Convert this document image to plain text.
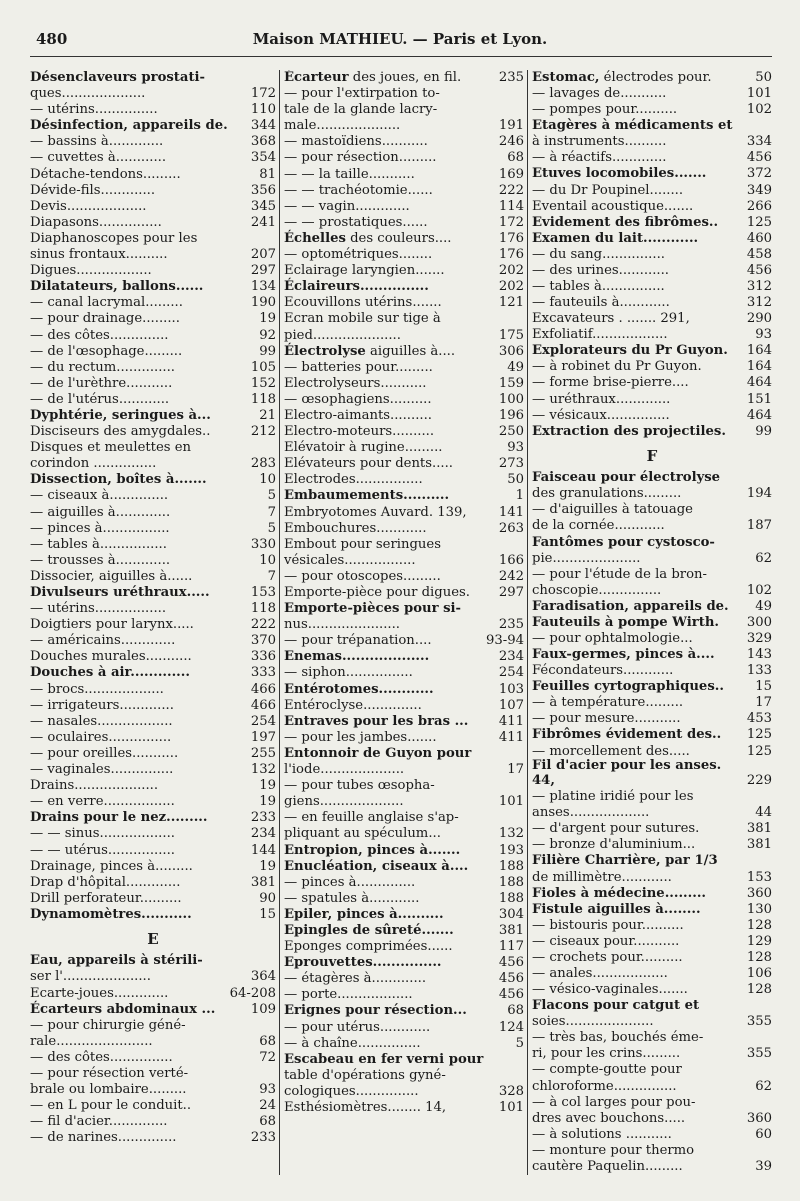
480	Maison MATHIEU. — Paris et Lyon.
Désenclaveurs prostati-
ques....................	172
— utérins...............	110
Désinfection, appareils de.	344
— bassins à.............	368
— cuvettes à............	354
Détache-tendons.........	81
Dévide-fils.............	356
Devis...................	345
Diapasons...............	241
Diaphanoscopes pour les
sinus frontaux..........	207
Digues..................	297
Dilatateurs, ballons......	134
— canal lacrymal.........	190
— pour drainage.........	19
— des côtes..............	92
— de l'œsophage.........	99
— du rectum..............	105
— de l'urèthre...........	152
— de l'utérus............	118
Dyphtérie, seringues à...	21
Disciseurs des amygdales..	212
Disques et meulettes en
corindon ...............	283
Dissection, boîtes à.......	10
— ciseaux à..............	5
— aiguilles à.............	7
— pinces à................	5
— tables à................	330
— trousses à.............	10
Dissocier, aiguilles à......	7
Divulseurs uréthraux.....	153
— utérins.................	118
Doigtiers pour larynx.....	222
— américains.............	370
Douches murales...........	336
Douches à air.............	333
— brocs...................	466
— irrigateurs.............	466
— nasales..................	254
— oculaires...............	197
— pour oreilles...........	255
— vaginales...............	132
Drains....................	19
— en verre.................	19
Drains pour le nez.........	233
— — sinus..................	234
— — utérus................	144
Drainage, pinces à.........	19
Drap d'hôpital.............	381
Drill perforateur..........	90
Dynamomètres...........	15
E
Eau, appareils à stérili-
ser l'.....................	364
Ecarte-joues.............	64-208
Écarteurs abdominaux ...	109
— pour chirurgie géné-
rale.......................	68
— des côtes...............	72
— pour résection verté-
brale ou lombaire.........	93
— en L pour le conduit..	24
— fil d'acier..............	68
— de narines..............	233
Écarteur des joues, en fil.	235
— pour l'extirpation to-
tale de la glande lacry-
male....................	191
— mastoïdiens...........	246
— pour résection.........	68
— — la taille...........	169
— — trachéotomie......	222
— — vagin.............	114
— — prostatiques......	172
Échelles des couleurs....	176
— optométriques........	176
Eclairage laryngien.......	202
Éclaireurs...............	202
Ecouvillons utérins.......	121
Ecran mobile sur tige à
pied.....................	175
Électrolyse aiguilles à....	306
— batteries pour.........	49
Electrolyseurs...........	159
— œsophagiens..........	100
Electro-aimants..........	196
Electro-moteurs..........	250
Elévatoir à rugine.........	93
Elévateurs pour dents.....	273
Electrodes................	50
Embaumements..........	1
Embryotomes Auvard. 139,	141
Embouchures............	263
Embout pour seringues
vésicales.................	166
— pour otoscopes.........	242
Emporte-pièce pour digues.	297
Emporte-pièces pour si-
nus......................	235
— pour trépanation....	93-94
Enemas...................	234
— siphon................	254
Entérotomes............	103
Entéroclyse..............	107
Entraves pour les bras ...	411
— pour les jambes.......	411
Entonnoir de Guyon pour
l'iode....................	17
— pour tubes œsopha-
giens....................	101
— en feuille anglaise s'ap-
pliquant au spéculum...	132
Entropion, pinces à.......	193
Enucléation, ciseaux à....	188
— pinces à..............	188
— spatules à............	188
Epiler, pinces à..........	304
Epingles de sûreté.......	381
Eponges comprimées......	117
Eprouvettes...............	456
— étagères à.............	456
— porte..................	456
Erignes pour résection...	68
— pour utérus............	124
— à chaîne...............	5
Escabeau en fer verni pour
table d'opérations gyné-
cologiques...............	328
Esthésiomètres........ 14,	101
Estomac, électrodes pour.	50
— lavages de...........	101
— pompes pour..........	102
Etagères à médicaments et
à instruments..........	334
— à réactifs.............	456
Etuves locomobiles.......	372
— du Dr Poupinel........	349
Eventail acoustique.......	266
Evidement des fibrômes..	125
Examen du lait............	460
— du sang...............	458
— des urines............	456
— tables à...............	312
— fauteuils à............	312
Excavateurs . ....... 291,	290
Exfoliatif..................	93
Explorateurs du Pr Guyon.	164
— à robinet du Pr Guyon.	164
— forme brise-pierre....	464
— uréthraux.............	151
— vésicaux...............	464
Extraction des projectiles.	99
F
Faisceau pour électrolyse
des granulations.........	194
— d'aiguilles à tatouage
de la cornée............	187
Fantômes pour cystosco-
pie.....................	62
— pour l'étude de la bron-
choscopie...............	102
Faradisation, appareils de.	49
Fauteuils à pompe Wirth.	300
— pour ophtalmologie...	329
Faux-germes, pinces à....	143
Fécondateurs............	133
Feuilles cyrtographiques..	15
— à température.........	17
— pour mesure...........	453
Fibrômes évidement des..	125
— morcellement des.....	125
Fil d'acier pour les anses. 44,	229
— platine iridié pour les
anses...................	44
— d'argent pour sutures.	381
— bronze d'aluminium...	381
Filière Charrière, par 1/3
de millimètre............	153
Fioles à médecine.........	360
Fistule aiguilles à........	130
— bistouris pour..........	128
— ciseaux pour...........	129
— crochets pour..........	128
— anales..................	106
— vésico-vaginales.......	128
Flacons pour catgut et
soies.....................	355
— très bas, bouchés éme-
ri, pour les crins.........	355
— compte-goutte pour
chloroforme...............	62
— à col larges pour pou-
dres avec bouchons.....	360
— à solutions ...........	60
— monture pour thermo
cautère Paquelin.........	39
